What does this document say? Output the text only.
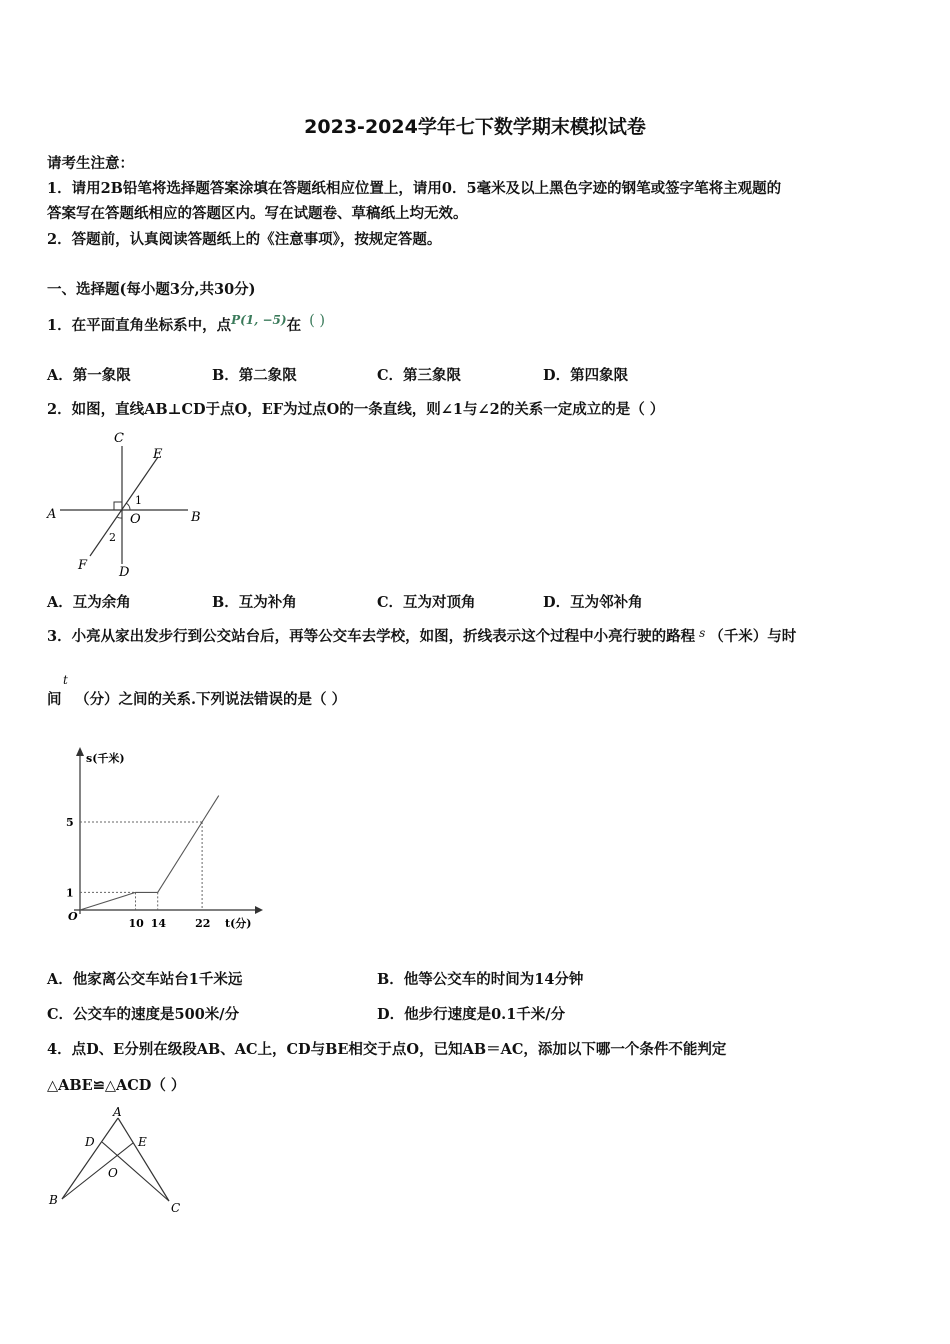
2023-2024学年七下数学期末模拟试卷
请考生注意：
1．请用2B铅笔将选择题答案涂填在答题纸相应位置上，请用0．5毫米及以上黑色字迹的钢笔或签字笔将主观题的
答案写在答题纸相应的答题区内。写在试题卷、草稿纸上均无效。
2．答题前，认真阅读答题纸上的《注意事项》，按规定答题。
一、选择题(每小题3分,共30分)
1．在平面直角坐标系中，点$^{P(1, -5)}$在 ( )
A．第一象限	B．第二象限	C．第三象限	D．第四象限
2．如图，直线AB⊥CD于点O，EF为过点O的一条直线，则∠1与∠2的关系一定成立的是（ ）
C
E
A	B
O
1
2
F D
A．互为余角	B．互为补角	C．互为对顶角	D．互为邻补角
3．小亮从家出发步行到公交站台后，再等公交车去学校，如图，折线表示这个过程中小亮行驶的路程 $^s$ （千米）与时
t
间 （分）之间的关系.下列说法错误的是（ ）
s(千米)
t(分)
O
10 14	22
1
5
A．他家离公交车站台1千米远	B．他等公交车的时间为14分钟
C．公交车的速度是500米/分	D．他步行速度是0.1千米/分
4．点D、E分别在级段AB、AC上，CD与BE相交于点O，已知AB＝AC，添加以下哪一个条件不能判定
△ABE≌△ACD（ ）
A
D	E
O
B
C
